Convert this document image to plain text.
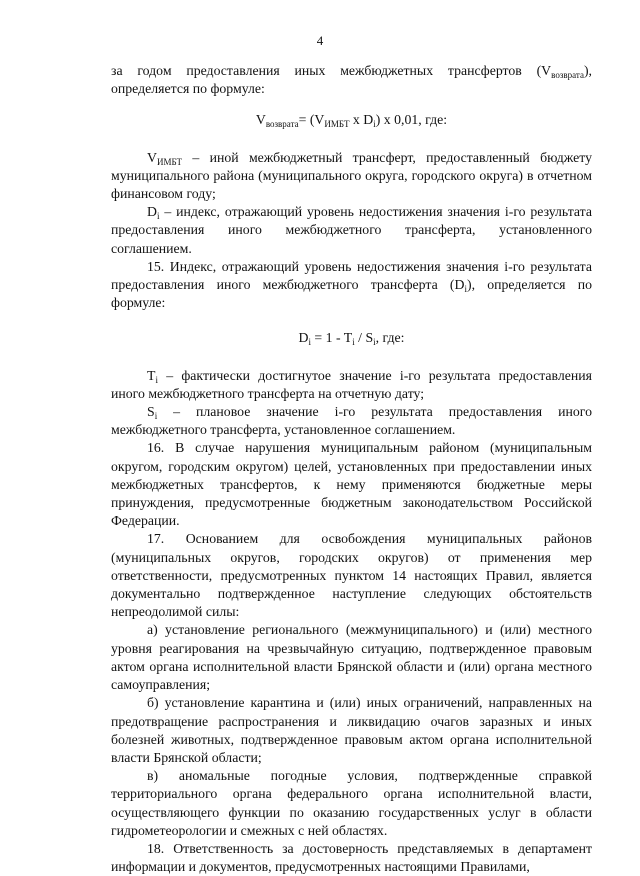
4

за годом предоставления иных межбюджетных трансфертов $(V_{возврата})$, определяется по формуле:

$V_{возврата}= (V_{ИМБТ}$ x $D_i$) x 0,01, где:

$V_{ИМБТ}$ – иной межбюджетный трансферт, предоставленный бюджету муниципального района (муниципального округа, городского округа) в отчетном финансовом году;

$D_i$ – индекс, отражающий уровень недостижения значения i-го результата предоставления иного межбюджетного трансферта, установленного соглашением.

15. Индекс, отражающий уровень недостижения значения i-го результата предоставления иного межбюджетного трансферта $(D_i)$, определяется по формуле:

$D_i = 1 - T_i / S_i$, где:

$T_i$ – фактически достигнутое значение i-го результата предоставления иного межбюджетного трансферта на отчетную дату;

$S_i$ – плановое значение i-го результата предоставления иного межбюджетного трансферта, установленное соглашением.

16. В случае нарушения муниципальным районом (муниципальным округом, городским округом) целей, установленных при предоставлении иных межбюджетных трансфертов, к нему применяются бюджетные меры принуждения, предусмотренные бюджетным законодательством Российской Федерации.

17. Основанием для освобождения муниципальных районов (муниципальных округов, городских округов) от применения мер ответственности, предусмотренных пунктом 14 настоящих Правил, является документально подтвержденное наступление следующих обстоятельств непреодолимой силы:

а) установление регионального (межмуниципального) и (или) местного уровня реагирования на чрезвычайную ситуацию, подтвержденное правовым актом органа исполнительной власти Брянской области и (или) органа местного самоуправления;

б) установление карантина и (или) иных ограничений, направленных на предотвращение распространения и ликвидацию очагов заразных и иных болезней животных, подтвержденное правовым актом органа исполнительной власти Брянской области;

в) аномальные погодные условия, подтвержденные справкой территориального органа федерального органа исполнительной власти, осуществляющего функции по оказанию государственных услуг в области гидрометеорологии и смежных с ней областях.

18. Ответственность за достоверность представляемых в департамент информации и документов, предусмотренных настоящими Правилами,
